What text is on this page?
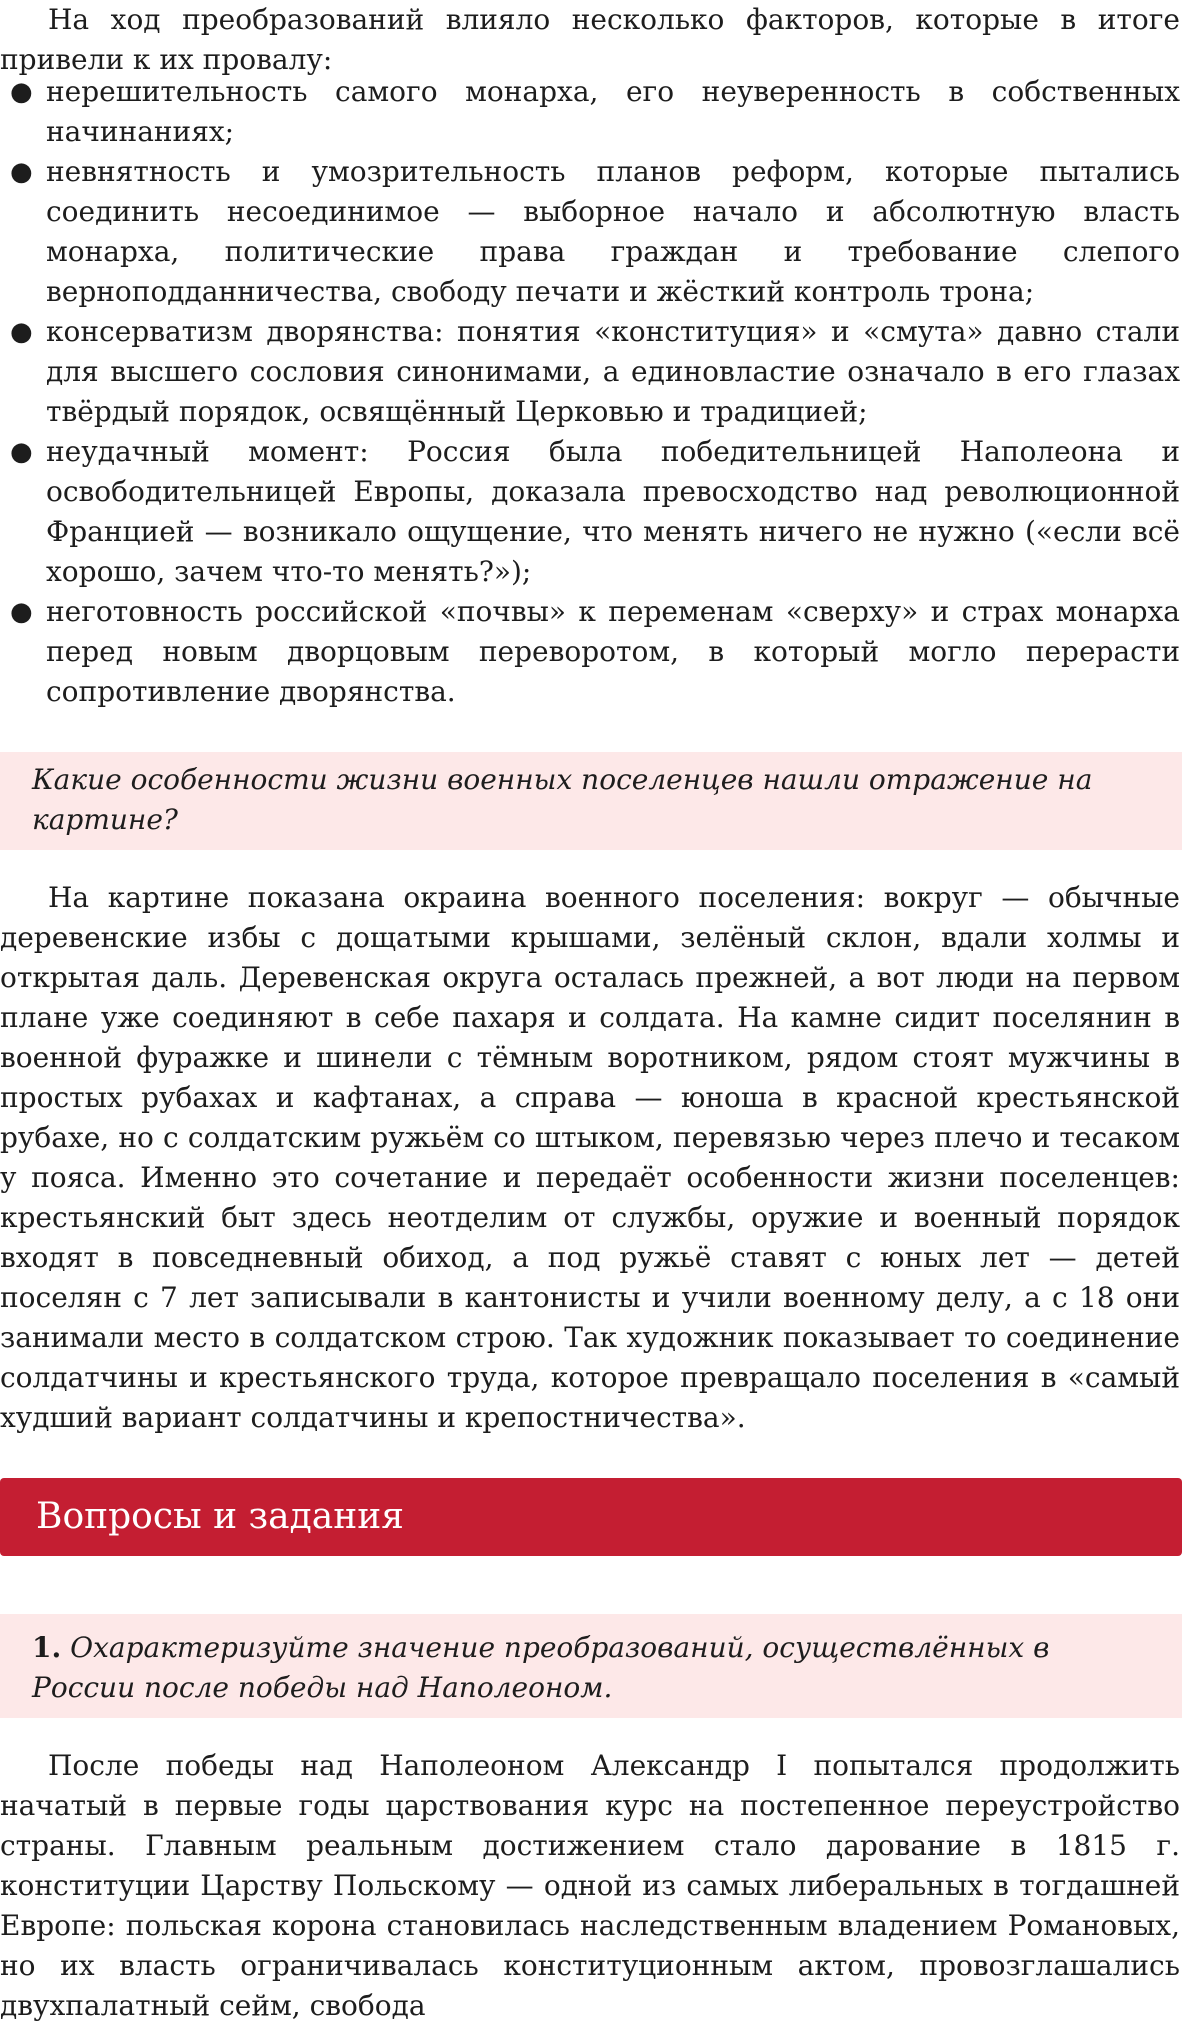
На ход преобразований влияло несколько факторов, которые в итоге привели к их провалу:

● нерешительность самого монарха, его неуверенность в собственных начинаниях;
● невнятность и умозрительность планов реформ, которые пытались соединить несоединимое — выборное начало и абсолютную власть монарха, политические права граждан и требование слепого верноподданничества, свободу печати и жёсткий контроль трона;
● консерватизм дворянства: понятия «конституция» и «смута» давно стали для высшего сословия синонимами, а единовластие означало в его глазах твёрдый порядок, освящённый Церковью и традицией;
● неудачный момент: Россия была победительницей Наполеона и освободительницей Европы, доказала превосходство над революционной Францией — возникало ощущение, что менять ничего не нужно («если всё хорошо, зачем что-то менять?»);
● неготовность российской «почвы» к переменам «сверху» и страх монарха перед новым дворцовым переворотом, в который могло перерасти сопротивление дворянства.
Какие особенности жизни военных поселенцев нашли отражение на картине?

На картине показана окраина военного поселения: вокруг — обычные деревенские избы с дощатыми крышами, зелёный склон, вдали холмы и открытая даль. Деревенская округа осталась прежней, а вот люди на первом плане уже соединяют в себе пахаря и солдата. На камне сидит поселянин в военной фуражке и шинели с тёмным воротником, рядом стоят мужчины в простых рубахах и кафтанах, а справа — юноша в красной крестьянской рубахе, но с солдатским ружьём со штыком, перевязью через плечо и тесаком у пояса. Именно это сочетание и передаёт особенности жизни поселенцев: крестьянский быт здесь неотделим от службы, оружие и военный порядок входят в повседневный обиход, а под ружьё ставят с юных лет — детей поселян с 7 лет записывали в кантонисты и учили военному делу, а с 18 они занимали место в солдатском строю. Так художник показывает то соединение солдатчины и крестьянского труда, которое превращало поселения в «самый худший вариант солдатчины и крепостничества».

Вопросы и задания
1. Охарактеризуйте значение преобразований, осуществлённых в России после победы над Наполеоном.

После победы над Наполеоном Александр I попытался продолжить начатый в первые годы царствования курс на постепенное переустройство страны. Главным реальным достижением стало дарование в 1815 г. конституции Царству Польскому — одной из самых либеральных в тогдашней Европе: польская корона становилась наследственным владением Романовых, но их власть ограничивалась конституционным актом, провозглашались двухпалатный сейм, свобода
